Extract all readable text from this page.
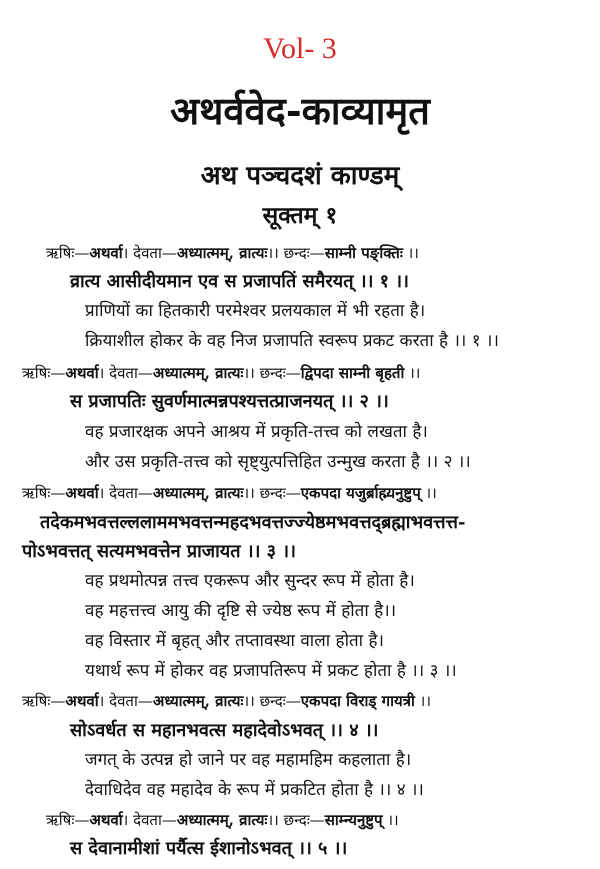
Vol- 3
अथर्ववेद-काव्यामृत
अथ पञ्चदशं काण्डम्
सूक्तम् १
ऋषिः—अथर्वा। देवता—अध्यात्मम्, व्रात्यः।। छन्दः—साम्नी पङ्क्तिः ।।
व्रात्य आसीदीयमान एव स प्रजापतिं समैरयत् ।। १ ।।
प्राणियों का हितकारी परमेश्वर प्रलयकाल में भी रहता है।
क्रियाशील होकर के वह निज प्रजापति स्वरूप प्रकट करता है ।। १ ।।
ऋषिः—अथर्वा। देवता—अध्यात्मम्, व्रात्यः।। छन्दः—द्विपदा साम्नी बृहती ।।
स प्रजापतिः सुवर्णमात्मन्नपश्यत्तत्प्राजनयत् ।। २ ।।
वह प्रजारक्षक अपने आश्रय में प्रकृति-तत्त्व को लखता है।
और उस प्रकृति-तत्त्व को सृष्ट्युत्पत्तिहित उन्मुख करता है ।। २ ।।
ऋषिः—अथर्वा। देवता—अध्यात्मम्, व्रात्यः।। छन्दः—एकपदा यजुर्ब्राह्म्यनुष्टुप् ।।
तदेकमभवत्तल्ललाममभवत्तन्महदभवत्तज्ज्येष्ठमभवत्तद्ब्रह्माभवत्तत्त-
पोऽभवत्तत् सत्यमभवत्तेन प्राजायत ।। ३ ।।
वह प्रथमोत्पन्न तत्त्व एकरूप और सुन्दर रूप में होता है।
वह महत्तत्त्व आयु की दृष्टि से ज्येष्ठ रूप में होता है।।
वह विस्तार में बृहत् और तप्तावस्था वाला होता है।
यथार्थ रूप में होकर वह प्रजापतिरूप में प्रकट होता है ।। ३ ।।
ऋषिः—अथर्वा। देवता—अध्यात्मम्, व्रात्यः।। छन्दः—एकपदा विराड् गायत्री ।।
सोऽवर्धत स महानभवत्स महादेवोऽभवत् ।। ४ ।।
जगत् के उत्पन्न हो जाने पर वह महामहिम कहलाता है।
देवाधिदेव वह महादेव के रूप में प्रकटित होता है ।। ४ ।।
ऋषिः—अथर्वा। देवता—अध्यात्मम्, व्रात्यः।। छन्दः—साम्न्यनुष्टुप् ।।
स देवानामीशां पर्यैत्स ईशानोऽभवत् ।। ५ ।।
